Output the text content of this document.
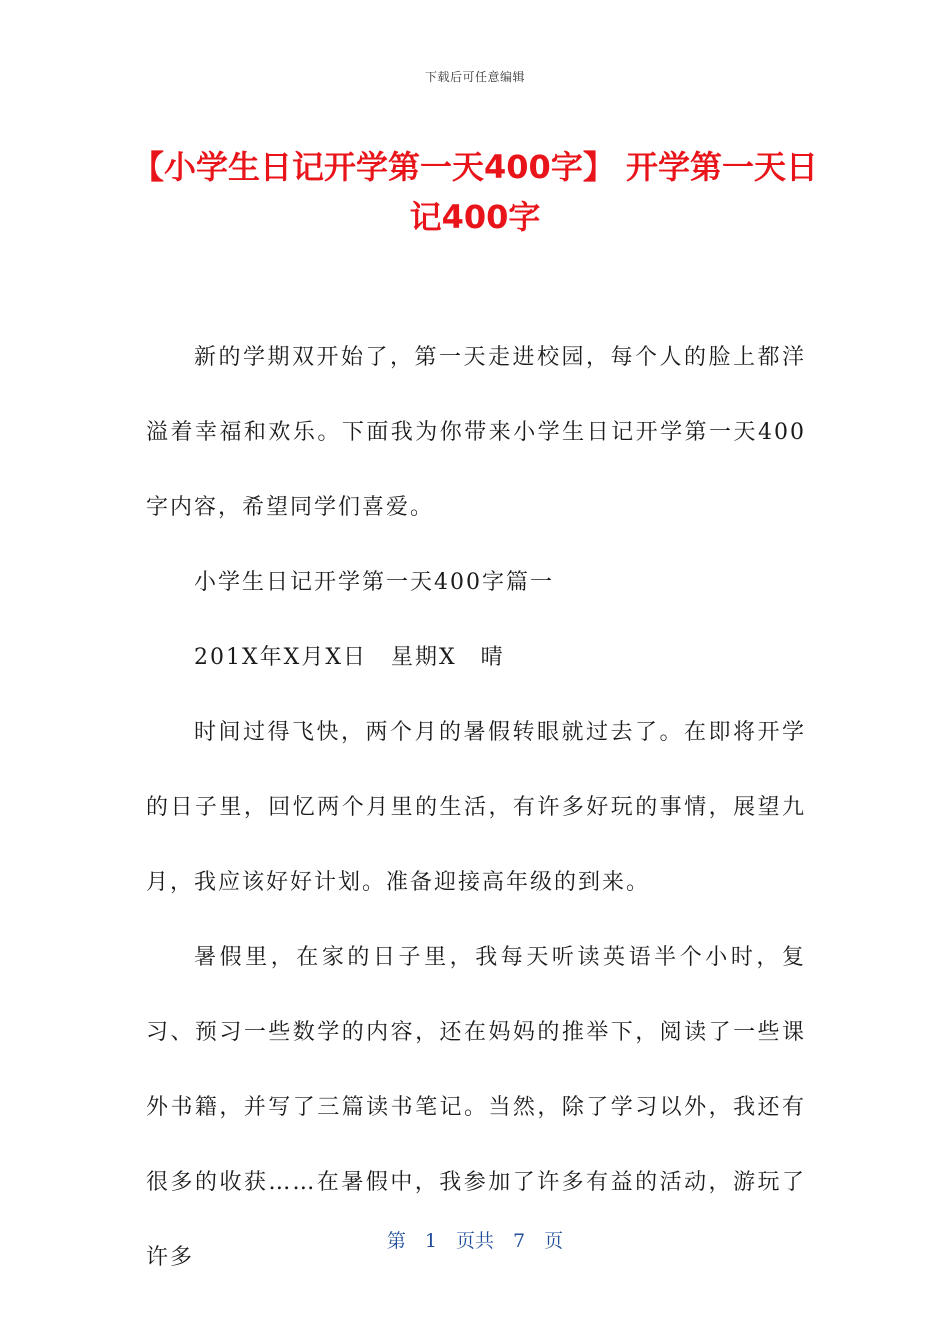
下载后可任意编辑
【小学生日记开学第一天400字】 开学第一天日记400字

新的学期双开始了，第一天走进校园，每个人的脸上都洋溢着幸福和欢乐。下面我为你带来小学生日记开学第一天400字内容，希望同学们喜爱。

小学生日记开学第一天400字篇一

201X年X月X日　星期X　晴

时间过得飞快，两个月的暑假转眼就过去了。在即将开学的日子里，回忆两个月里的生活，有许多好玩的事情，展望九月，我应该好好计划。准备迎接高年级的到来。

暑假里，在家的日子里，我每天听读英语半个小时，复习、预习一些数学的内容，还在妈妈的推举下，阅读了一些课外书籍，并写了三篇读书笔记。当然，除了学习以外，我还有很多的收获……在暑假中，我参加了许多有益的活动，游玩了许多

第　1　页共　7　页
